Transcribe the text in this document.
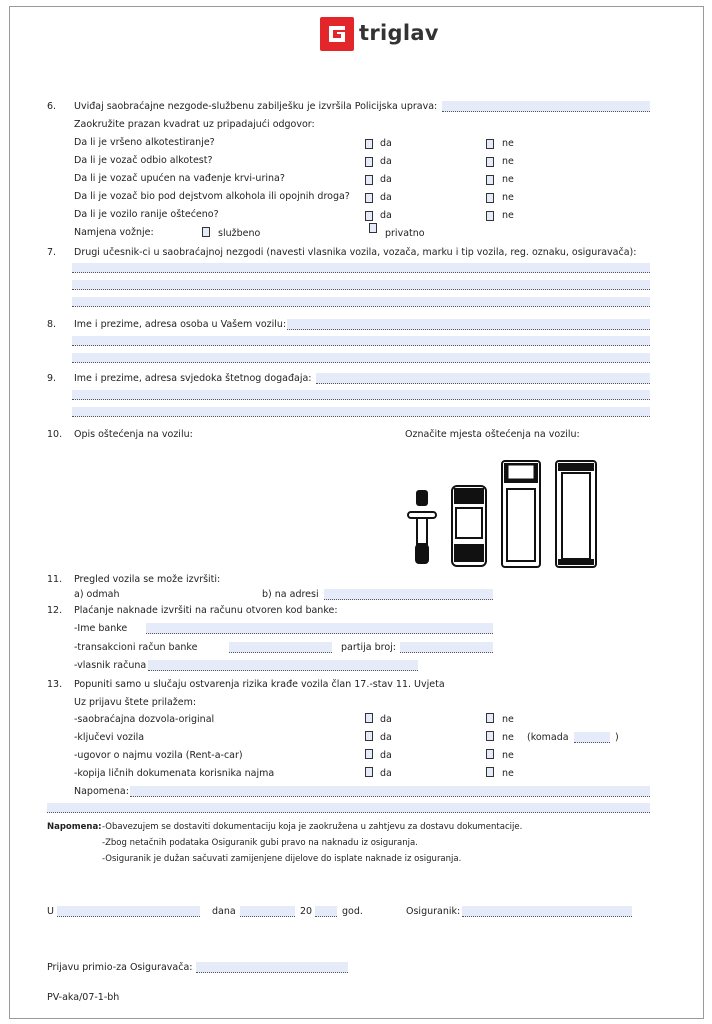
triglav
6. Uviđaj saobraćajne nezgode-službenu zabilješku je izvršila Policijska uprava:
Zaokružite prazan kvadrat uz pripadajući odgovor:
Da li je vršeno alkotestiranje?	da	ne
Da li je vozač odbio alkotest?	da	ne
Da li je vozač upućen na vađenje krvi-urina?	da	ne
Da li je vozač bio pod dejstvom alkohola ili opojnih droga?	da	ne
Da li je vozilo ranije oštećeno?	da	ne
Namjena vožnje:	službeno	privatno
7. Drugi učesnik-ci u saobraćajnoj nezgodi (navesti vlasnika vozila, vozača, marku i tip vozila, reg. oznaku, osiguravača):
8. Ime i prezime, adresa osoba u Vašem vozilu:
9. Ime i prezime, adresa svjedoka štetnog događaja:
10. Opis oštećenja na vozilu:	Označite mjesta oštećenja na vozilu:
11. Pregled vozila se može izvršiti:
a) odmah	b) na adresi
12. Plaćanje naknade izvršiti na računu otvoren kod banke:
-Ime banke
-transakcioni račun banke	partija broj:
-vlasnik računa
13. Popuniti samo u slučaju ostvarenja rizika krađe vozila član 17.-stav 11. Uvjeta
Uz prijavu štete prilažem:
-saobraćajna dozvola-original	da	ne
-ključevi vozila	da	ne (komada	)
-ugovor o najmu vozila (Rent-a-car)	da	ne
-kopija ličnih dokumenata korisnika najma	da	ne
Napomena:
Napomena: -Obavezujem se dostaviti dokumentaciju koja je zaokružena u zahtjevu za dostavu dokumentacije.
-Zbog netačnih podataka Osiguranik gubi pravo na naknadu iz osiguranja.
-Osiguranik je dužan sačuvati zamijenjene dijelove do isplate naknade iz osiguranja.
U	dana	20	god.	Osiguranik:
Prijavu primio-za Osiguravača:
PV-aka/07-1-bh
